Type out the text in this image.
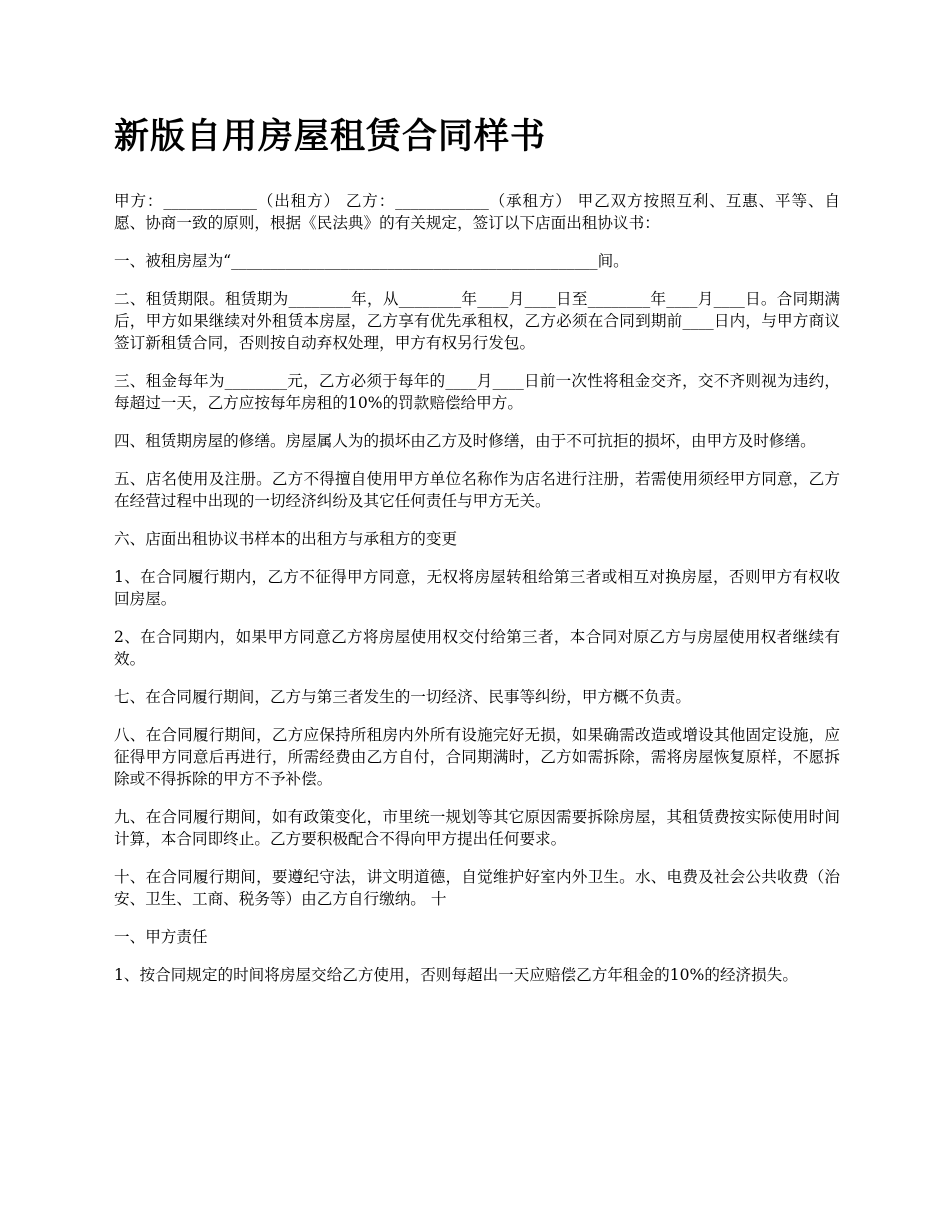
新版自用房屋租赁合同样书

甲方：____________（出租方） 乙方：____________（承租方） 甲乙双方按照互利、互惠、平等、自愿、协商一致的原则，根据《民法典》的有关规定，签订以下店面出租协议书：

一、被租房屋为“_______________________________________________间。

二、租赁期限。租赁期为________年，从________年____月____日至________年____月____日。合同期满后，甲方如果继续对外租赁本房屋，乙方享有优先承租权，乙方必须在合同到期前____日内，与甲方商议签订新租赁合同，否则按自动弃权处理，甲方有权另行发包。

三、租金每年为________元，乙方必须于每年的____月____日前一次性将租金交齐，交不齐则视为违约，每超过一天，乙方应按每年房租的10%的罚款赔偿给甲方。

四、租赁期房屋的修缮。房屋属人为的损坏由乙方及时修缮，由于不可抗拒的损坏，由甲方及时修缮。

五、店名使用及注册。乙方不得擅自使用甲方单位名称作为店名进行注册，若需使用须经甲方同意，乙方在经营过程中出现的一切经济纠纷及其它任何责任与甲方无关。

六、店面出租协议书样本的出租方与承租方的变更

1、在合同履行期内，乙方不征得甲方同意，无权将房屋转租给第三者或相互对换房屋，否则甲方有权收回房屋。

2、在合同期内，如果甲方同意乙方将房屋使用权交付给第三者，本合同对原乙方与房屋使用权者继续有效。

七、在合同履行期间，乙方与第三者发生的一切经济、民事等纠纷，甲方概不负责。

八、在合同履行期间，乙方应保持所租房内外所有设施完好无损，如果确需改造或增设其他固定设施，应征得甲方同意后再进行，所需经费由乙方自付，合同期满时，乙方如需拆除，需将房屋恢复原样，不愿拆除或不得拆除的甲方不予补偿。

九、在合同履行期间，如有政策变化，市里统一规划等其它原因需要拆除房屋，其租赁费按实际使用时间计算，本合同即终止。乙方要积极配合不得向甲方提出任何要求。

十、在合同履行期间，要遵纪守法，讲文明道德，自觉维护好室内外卫生。水、电费及社会公共收费（治安、卫生、工商、税务等）由乙方自行缴纳。 十

一、甲方责任

1、按合同规定的时间将房屋交给乙方使用，否则每超出一天应赔偿乙方年租金的10%的经济损失。
